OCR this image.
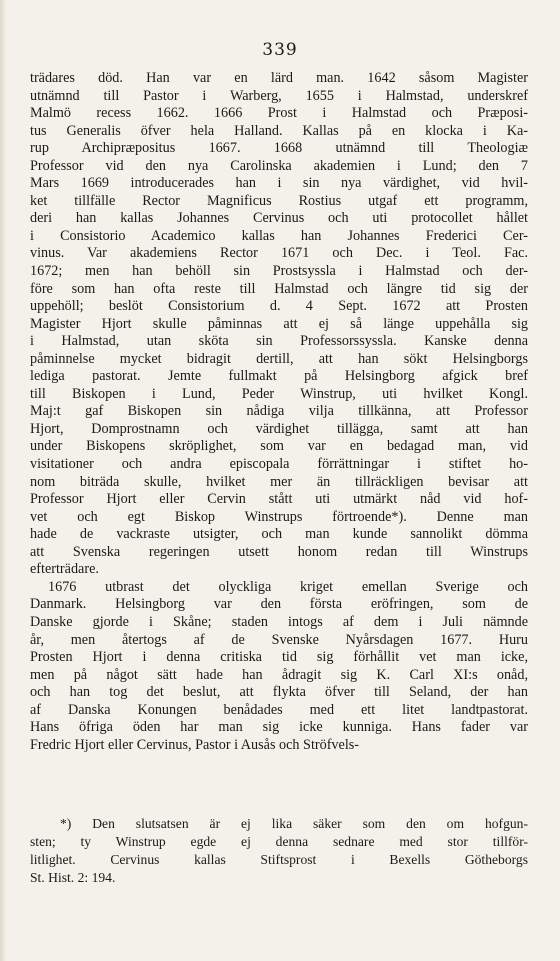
339
trädares död. Han var en lärd man. 1642 såsom Magister
utnämnd till Pastor i Warberg, 1655 i Halmstad, underskref
Malmö recess 1662. 1666 Prost i Halmstad och Præposi-
tus Generalis öfver hela Halland. Kallas på en klocka i Ka-
rup Archipræpositus 1667. 1668 utnämnd till Theologiæ
Professor vid den nya Carolinska akademien i Lund; den 7
Mars 1669 introducerades han i sin nya värdighet, vid hvil-
ket tillfälle Rector Magnificus Rostius utgaf ett programm,
deri han kallas Johannes Cervinus och uti protocollet hållet
i Consistorio Academico kallas han Johannes Frederici Cer-
vinus. Var akademiens Rector 1671 och Dec. i Teol. Fac.
1672; men han behöll sin Prostsyssla i Halmstad och der-
före som han ofta reste till Halmstad och längre tid sig der
uppehöll; beslöt Consistorium d. 4 Sept. 1672 att Prosten
Magister Hjort skulle påminnas att ej så länge uppehålla sig
i Halmstad, utan sköta sin Professorssyssla. Kanske denna
påminnelse mycket bidragit dertill, att han sökt Helsingborgs
lediga pastorat. Jemte fullmakt på Helsingborg afgick bref
till Biskopen i Lund, Peder Winstrup, uti hvilket Kongl.
Maj:t gaf Biskopen sin nådiga vilja tillkänna, att Professor
Hjort, Domprostnamn och värdighet tillägga, samt att han
under Biskopens skröplighet, som var en bedagad man, vid
visitationer och andra episcopala förrättningar i stiftet ho-
nom biträda skulle, hvilket mer än tillräckligen bevisar att
Professor Hjort eller Cervin stått uti utmärkt nåd vid hof-
vet och egt Biskop Winstrups förtroende*). Denne man
hade de vackraste utsigter, och man kunde sannolikt dömma
att Svenska regeringen utsett honom redan till Winstrups
efterträdare.
1676 utbrast det olyckliga kriget emellan Sverige och
Danmark. Helsingborg var den första eröfringen, som de
Danske gjorde i Skåne; staden intogs af dem i Juli nämnde
år, men återtogs af de Svenske Nyårsdagen 1677. Huru
Prosten Hjort i denna critiska tid sig förhållit vet man icke,
men på något sätt hade han ådragit sig K. Carl XI:s onåd,
och han tog det beslut, att flykta öfver till Seland, der han
af Danska Konungen benådades med ett litet landtpastorat.
Hans öfriga öden har man sig icke kunniga. Hans fader var
Fredric Hjort eller Cervinus, Pastor i Ausås och Ströfvels-
*) Den slutsatsen är ej lika säker som den om hofgun-
sten; ty Winstrup egde ej denna sednare med stor tillför-
litlighet. Cervinus kallas Stiftsprost i Bexells Götheborgs
St. Hist. 2: 194.
